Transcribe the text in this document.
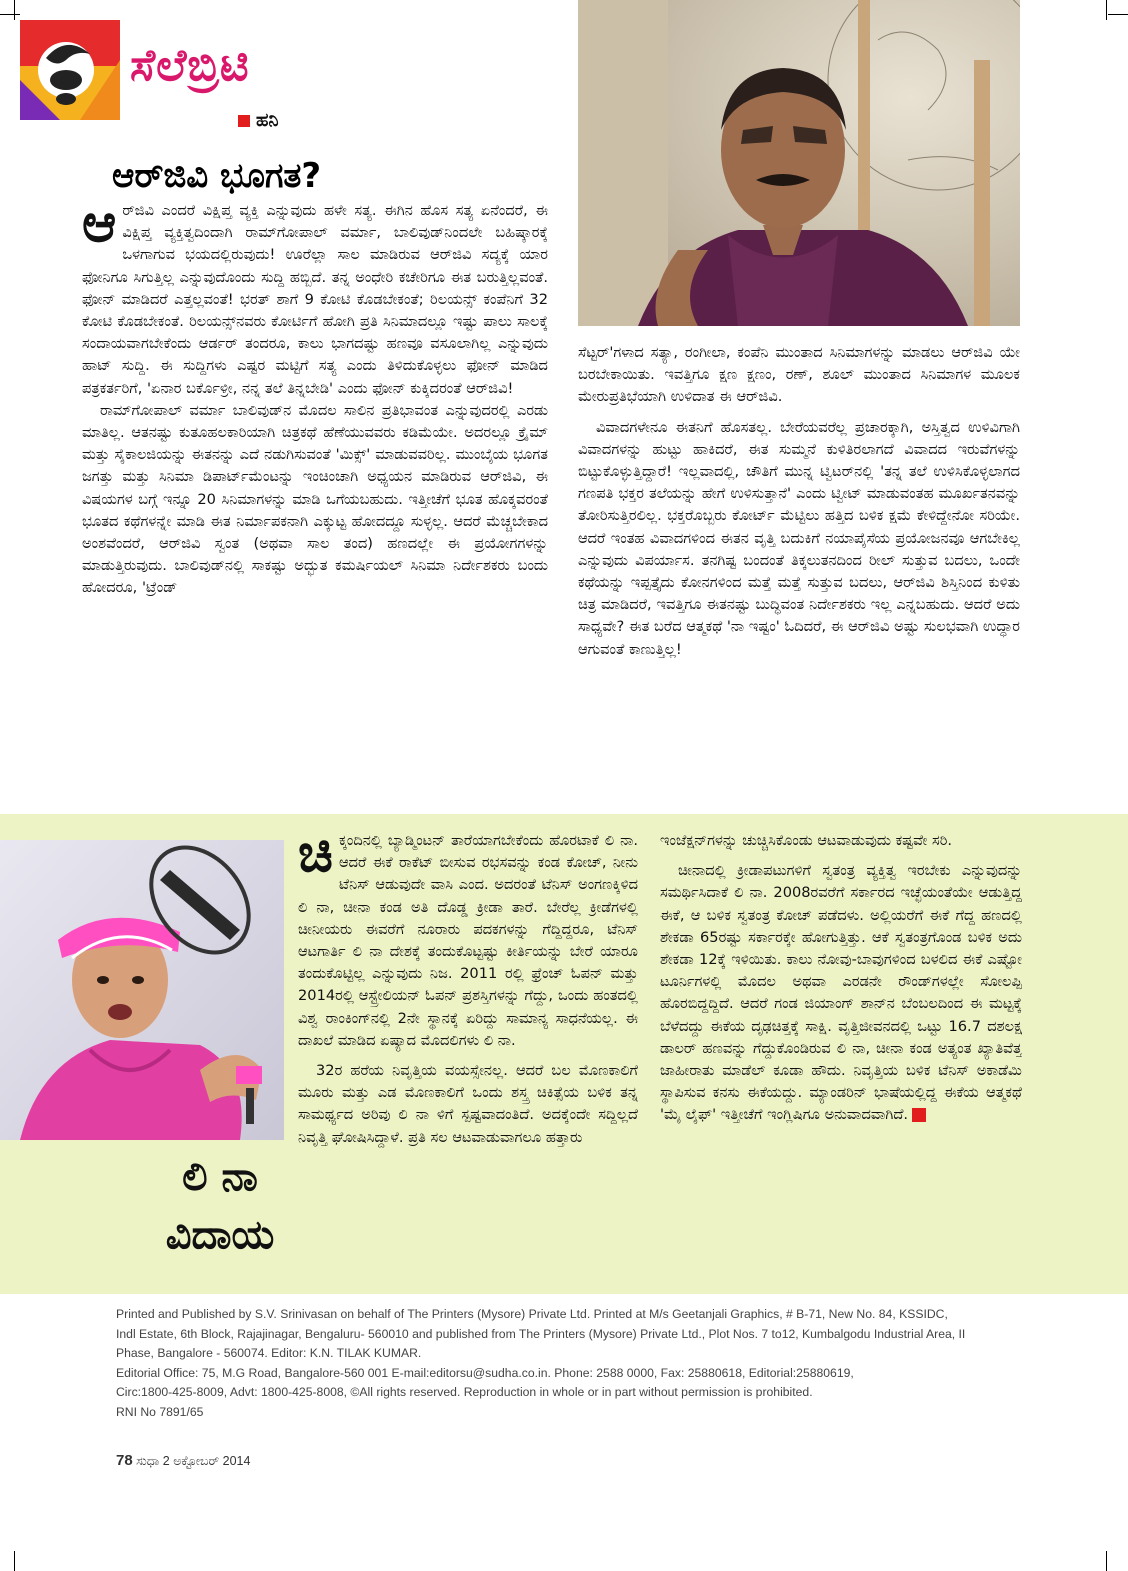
ಸೆಲೆಬ್ರಿಟಿ
ಹನಿ
ಆರ್‌ಜಿವಿ ಭೂಗತ?

ಆರ್‌ಜಿವಿ ಎಂದರೆ ವಿಕ್ಷಿಪ್ತ ವ್ಯಕ್ತಿ ಎನ್ನುವುದು ಹಳೇ ಸತ್ಯ. ಈಗಿನ ಹೊಸ ಸತ್ಯ ಏನೆಂದರೆ, ಈ ವಿಕ್ಷಿಪ್ತ ವ್ಯಕ್ತಿತ್ವದಿಂದಾಗಿ ರಾಮ್‌ಗೋಪಾಲ್ ವರ್ಮಾ, ಬಾಲಿವುಡ್‌ನಿಂದಲೇ ಬಹಿಷ್ಕಾರಕ್ಕೆ ಒಳಗಾಗುವ ಭಯದಲ್ಲಿರುವುದು! ಊರೆಲ್ಲಾ ಸಾಲ ಮಾಡಿರುವ ಆರ್‌ಜಿವಿ ಸದ್ಯಕ್ಕೆ ಯಾರ ಫೋನಿಗೂ ಸಿಗುತ್ತಿಲ್ಲ ಎನ್ನುವುದೊಂದು ಸುದ್ದಿ ಹಬ್ಬಿದೆ. ತನ್ನ ಅಂಧೇರಿ ಕಚೇರಿಗೂ ಈತ ಬರುತ್ತಿಲ್ಲವಂತೆ. ಫೋನ್ ಮಾಡಿದರೆ ಎತ್ತಲ್ಲವಂತೆ! ಭರತ್ ಶಾಗೆ 9 ಕೋಟಿ ಕೊಡಬೇಕಂತೆ; ರಿಲಯನ್ಸ್ ಕಂಪೆನಿಗೆ 32 ಕೋಟಿ ಕೊಡಬೇಕಂತೆ. ರಿಲಯನ್ಸ್‌ನವರು ಕೋರ್ಟಿಗೆ ಹೋಗಿ ಪ್ರತಿ ಸಿನಿಮಾದಲ್ಲೂ ಇಷ್ಟು ಪಾಲು ಸಾಲಕ್ಕೆ ಸಂದಾಯವಾಗಬೇಕೆಂದು ಆರ್ಡರ್ ತಂದರೂ, ಕಾಲು ಭಾಗದಷ್ಟು ಹಣವೂ ವಸೂಲಾಗಿಲ್ಲ ಎನ್ನುವುದು ಹಾಟ್ ಸುದ್ದಿ. ಈ ಸುದ್ದಿಗಳು ಎಷ್ಟರ ಮಟ್ಟಿಗೆ ಸತ್ಯ ಎಂದು ತಿಳಿದುಕೊಳ್ಳಲು ಫೋನ್ ಮಾಡಿದ ಪತ್ರಕರ್ತರಿಗೆ, 'ಏನಾರ ಬರ್ಕೊಳ್ರೀ, ನನ್ನ ತಲೆ ತಿನ್ನಬೇಡಿ' ಎಂದು ಫೋನ್ ಕುಕ್ಕಿದರಂತೆ ಆರ್‌ಜಿವಿ!

ರಾಮ್‌ಗೋಪಾಲ್ ವರ್ಮಾ ಬಾಲಿವುಡ್‌ನ ಮೊದಲ ಸಾಲಿನ ಪ್ರತಿಭಾವಂತ ಎನ್ನುವುದರಲ್ಲಿ ಎರಡು ಮಾತಿಲ್ಲ. ಆತನಷ್ಟು ಕುತೂಹಲಕಾರಿಯಾಗಿ ಚಿತ್ರಕಥೆ ಹೆಣೆಯುವವರು ಕಡಿಮೆಯೇ. ಅದರಲ್ಲೂ ಕ್ರೈಮ್ ಮತ್ತು ಸೈಕಾಲಜಿಯನ್ನು ಈತನನ್ನು ಎದೆ ನಡುಗಿಸುವಂತೆ 'ಮಿಕ್ಸ್' ಮಾಡುವವರಿಲ್ಲ. ಮುಂಬೈಯ ಭೂಗತ ಜಗತ್ತು ಮತ್ತು ಸಿನಿಮಾ ಡಿಪಾರ್ಟ್‌ಮೆಂಟನ್ನು ಇಂಚಿಂಚಾಗಿ ಅಧ್ಯಯನ ಮಾಡಿರುವ ಆರ್‌ಜಿವಿ, ಈ ವಿಷಯಗಳ ಬಗ್ಗೆ ಇನ್ನೂ 20 ಸಿನಿಮಾಗಳನ್ನು ಮಾಡಿ ಒಗೆಯಬಹುದು. ಇತ್ತೀಚೆಗೆ ಭೂತ ಹೊಕ್ಕವರಂತೆ ಭೂತದ ಕಥೆಗಳನ್ನೇ ಮಾಡಿ ಈತ ನಿರ್ಮಾಪಕನಾಗಿ ಎಕ್ಕುಟ್ಟ ಹೋದದ್ದೂ ಸುಳ್ಳಲ್ಲ. ಆದರೆ ಮೆಚ್ಚಬೇಕಾದ ಅಂಶವೆಂದರೆ, ಆರ್‌ಜಿವಿ ಸ್ವಂತ (ಅಥವಾ ಸಾಲ ತಂದ) ಹಣದಲ್ಲೇ ಈ ಪ್ರಯೋಗಗಳನ್ನು ಮಾಡುತ್ತಿರುವುದು. ಬಾಲಿವುಡ್‌ನಲ್ಲಿ ಸಾಕಷ್ಟು ಅದ್ಭುತ ಕಮರ್ಷಿಯಲ್ ಸಿನಿಮಾ ನಿರ್ದೇಶಕರು ಬಂದು ಹೋದರೂ, 'ಟ್ರೆಂಡ್

ಸೆಟ್ಟರ್'ಗಳಾದ ಸತ್ಯಾ, ರಂಗೀಲಾ, ಕಂಪೆನಿ ಮುಂತಾದ ಸಿನಿಮಾಗಳನ್ನು ಮಾಡಲು ಆರ್‌ಜಿವಿ ಯೇ ಬರಬೇಕಾಯಿತು. ಇವತ್ತಿಗೂ ಕ್ಷಣ ಕ್ಷಣಂ, ರಣ್, ಶೂಲ್ ಮುಂತಾದ ಸಿನಿಮಾಗಳ ಮೂಲಕ ಮೇರುಪ್ರತಿಭೆಯಾಗಿ ಉಳಿದಾತ ಈ ಆರ್‌ಜಿವಿ.

ವಿವಾದಗಳೇನೂ ಈತನಿಗೆ ಹೊಸತಲ್ಲ. ಬೇರೆಯವರೆಲ್ಲ ಪ್ರಚಾರಕ್ಕಾಗಿ, ಅಸ್ತಿತ್ವದ ಉಳಿವಿಗಾಗಿ ವಿವಾದಗಳನ್ನು ಹುಟ್ಟು ಹಾಕಿದರೆ, ಈತ ಸುಮ್ಮನೆ ಕುಳಿತಿರಲಾಗದೆ ವಿವಾದದ ಇರುವೆಗಳನ್ನು ಬಿಟ್ಟುಕೊಳ್ಳುತ್ತಿದ್ದಾರೆ! ಇಲ್ಲವಾದಲ್ಲಿ, ಚೌತಿಗೆ ಮುನ್ನ ಟ್ವಿಟರ್‌ನಲ್ಲಿ 'ತನ್ನ ತಲೆ ಉಳಿಸಿಕೊಳ್ಳಲಾಗದ ಗಣಪತಿ ಭಕ್ತರ ತಲೆಯನ್ನು ಹೇಗೆ ಉಳಿಸುತ್ತಾನೆ' ಎಂದು ಟ್ವೀಟ್ ಮಾಡುವಂತಹ ಮೂರ್ಖತನವನ್ನು ತೋರಿಸುತ್ತಿರಲಿಲ್ಲ. ಭಕ್ತರೊಬ್ಬರು ಕೋರ್ಟ್ ಮೆಟ್ಟಿಲು ಹತ್ತಿದ ಬಳಿಕ ಕ್ಷಮೆ ಕೇಳಿದ್ದೇನೋ ಸರಿಯೇ. ಆದರೆ ಇಂತಹ ವಿವಾದಗಳಿಂದ ಈತನ ವೃತ್ತಿ ಬದುಕಿಗೆ ನಯಾಪೈಸೆಯ ಪ್ರಯೋಜನವೂ ಆಗಬೇಕಿಲ್ಲ ಎನ್ನುವುದು ವಿಪರ್ಯಾಸ. ತನಗಿಷ್ಟ ಬಂದಂತೆ ತಿಕ್ಕಲುತನದಿಂದ ರೀಲ್ ಸುತ್ತುವ ಬದಲು, ಒಂದೇ ಕಥೆಯನ್ನು ಇಪ್ಪತ್ತೈದು ಕೋನಗಳಿಂದ ಮತ್ತೆ ಮತ್ತೆ ಸುತ್ತುವ ಬದಲು, ಆರ್‌ಜಿವಿ ಶಿಸ್ತಿನಿಂದ ಕುಳಿತು ಚಿತ್ರ ಮಾಡಿದರೆ, ಇವತ್ತಿಗೂ ಈತನಷ್ಟು ಬುದ್ಧಿವಂತ ನಿರ್ದೇಶಕರು ಇಲ್ಲ ಎನ್ನಬಹುದು. ಆದರೆ ಅದು ಸಾಧ್ಯವೇ? ಈತ ಬರೆದ ಆತ್ಮಕಥೆ 'ನಾ ಇಷ್ಟಂ' ಓದಿದರೆ, ಈ ಆರ್‌ಜಿವಿ ಅಷ್ಟು ಸುಲಭವಾಗಿ ಉದ್ಧಾರ ಆಗುವಂತೆ ಕಾಣುತ್ತಿಲ್ಲ!

ಲಿ ನಾ
ವಿದಾಯ

ಚಿಕ್ಕಂದಿನಲ್ಲಿ ಬ್ಯಾಡ್ಮಿಂಟನ್ ತಾರೆಯಾಗಬೇಕೆಂದು ಹೊರಟಾಕೆ ಲಿ ನಾ. ಆದರೆ ಈಕೆ ರಾಕೆಟ್ ಬೀಸುವ ರಭಸವನ್ನು ಕಂಡ ಕೋಚ್, ನೀನು ಟೆನಿಸ್ ಆಡುವುದೇ ವಾಸಿ ಎಂದ. ಅದರಂತೆ ಟೆನಿಸ್ ಅಂಗಣಕ್ಕಿಳಿದ ಲಿ ನಾ, ಚೀನಾ ಕಂಡ ಅತಿ ದೊಡ್ಡ ಕ್ರೀಡಾ ತಾರೆ. ಬೇರೆಲ್ಲ ಕ್ರೀಡೆಗಳಲ್ಲಿ ಚೀನೀಯರು ಈವರೆಗೆ ನೂರಾರು ಪದಕಗಳನ್ನು ಗೆದ್ದಿದ್ದರೂ, ಟೆನಿಸ್ ಆಟಗಾರ್ತಿ ಲಿ ನಾ ದೇಶಕ್ಕೆ ತಂದುಕೊಟ್ಟಷ್ಟು ಕೀರ್ತಿಯನ್ನು ಬೇರೆ ಯಾರೂ ತಂದುಕೊಟ್ಟಿಲ್ಲ ಎನ್ನುವುದು ನಿಜ. 2011 ರಲ್ಲಿ ಫ್ರೆಂಚ್ ಓಪನ್ ಮತ್ತು 2014ರಲ್ಲಿ ಆಸ್ಟ್ರೇಲಿಯನ್ ಓಪನ್ ಪ್ರಶಸ್ತಿಗಳನ್ನು ಗೆದ್ದು, ಒಂದು ಹಂತದಲ್ಲಿ ವಿಶ್ವ ರಾಂಕಿಂಗ್‌ನಲ್ಲಿ 2ನೇ ಸ್ಥಾನಕ್ಕೆ ಏರಿದ್ದು ಸಾಮಾನ್ಯ ಸಾಧನೆಯಲ್ಲ. ಈ ದಾಖಲೆ ಮಾಡಿದ ಏಷ್ಯಾದ ಮೊದಲಿಗಳು ಲಿ ನಾ.

32ರ ಹರೆಯ ನಿವೃತ್ತಿಯ ವಯಸ್ಸೇನಲ್ಲ. ಆದರೆ ಬಲ ಮೊಣಕಾಲಿಗೆ ಮೂರು ಮತ್ತು ಎಡ ಮೊಣಕಾಲಿಗೆ ಒಂದು ಶಸ್ತ್ರ ಚಿಕಿತ್ಸೆಯ ಬಳಿಕ ತನ್ನ ಸಾಮರ್ಥ್ಯದ ಅರಿವು ಲಿ ನಾ ಳಿಗೆ ಸ್ಪಷ್ಟವಾದಂತಿದೆ. ಅದಕ್ಕೆಂದೇ ಸದ್ದಿಲ್ಲದೆ ನಿವೃತ್ತಿ ಘೋಷಿಸಿದ್ದಾಳೆ. ಪ್ರತಿ ಸಲ ಆಟವಾಡುವಾಗಲೂ ಹತ್ತಾರು

ಇಂಜೆಕ್ಷನ್‌ಗಳನ್ನು ಚುಚ್ಚಿಸಿಕೊಂಡು ಆಟವಾಡುವುದು ಕಷ್ಟವೇ ಸರಿ.

ಚೀನಾದಲ್ಲಿ ಕ್ರೀಡಾಪಟುಗಳಿಗೆ ಸ್ವತಂತ್ರ ವ್ಯಕ್ತಿತ್ವ ಇರಬೇಕು ಎನ್ನುವುದನ್ನು ಸಮರ್ಥಿಸಿದಾಕೆ ಲಿ ನಾ. 2008ರವರೆಗೆ ಸರ್ಕಾರದ ಇಚ್ಛೆಯಂತೆಯೇ ಆಡುತ್ತಿದ್ದ ಈಕೆ, ಆ ಬಳಿಕ ಸ್ವತಂತ್ರ ಕೋಚ್ ಪಡೆದಳು. ಅಲ್ಲಿಯರೆಗೆ ಈಕೆ ಗೆದ್ದ ಹಣದಲ್ಲಿ ಶೇಕಡಾ 65ರಷ್ಟು ಸರ್ಕಾರಕ್ಕೇ ಹೋಗುತ್ತಿತ್ತು. ಆಕೆ ಸ್ವತಂತ್ರಗೊಂಡ ಬಳಿಕ ಅದು ಶೇಕಡಾ 12ಕ್ಕೆ ಇಳಿಯಿತು. ಕಾಲು ನೋವು-ಬಾವುಗಳಿಂದ ಬಳಲಿದ ಈಕೆ ಎಷ್ಟೋ ಟೂರ್ನಿಗಳಲ್ಲಿ ಮೊದಲ ಅಥವಾ ಎರಡನೇ ರೌಂಡ್‌ಗಳಲ್ಲೇ ಸೋಲಪ್ಪಿ ಹೊರಬಿದ್ದದ್ದಿದೆ. ಆದರೆ ಗಂಡ ಜಿಯಾಂಗ್ ಶಾನ್‌ನ ಬೆಂಬಲದಿಂದ ಈ ಮಟ್ಟಕ್ಕೆ ಬೆಳೆದದ್ದು ಈಕೆಯ ದೃಢಚಿತ್ತಕ್ಕೆ ಸಾಕ್ಷಿ. ವೃತ್ತಿಜೀವನದಲ್ಲಿ ಒಟ್ಟು 16.7 ದಶಲಕ್ಷ ಡಾಲರ್ ಹಣವನ್ನು ಗೆದ್ದುಕೊಂಡಿರುವ ಲಿ ನಾ, ಚೀನಾ ಕಂಡ ಅತ್ಯಂತ ಖ್ಯಾತಿವೆತ್ತ ಜಾಹೀರಾತು ಮಾಡೆಲ್ ಕೂಡಾ ಹೌದು. ನಿವೃತ್ತಿಯ ಬಳಿಕ ಟೆನಿಸ್ ಅಕಾಡೆಮಿ ಸ್ಥಾಪಿಸುವ ಕನಸು ಈಕೆಯದ್ದು. ಮ್ಯಾಂಡರಿನ್ ಭಾಷೆಯಲ್ಲಿದ್ದ ಈಕೆಯ ಆತ್ಮಕಥೆ 'ಮೈ ಲೈಫ್' ಇತ್ತೀಚೆಗೆ ಇಂಗ್ಲಿಷಿಗೂ ಅನುವಾದವಾಗಿದೆ.

Printed and Published by S.V. Srinivasan on behalf of The Printers (Mysore) Private Ltd. Printed at M/s Geetanjali Graphics, # B-71, New No. 84, KSSIDC,
Indl Estate, 6th Block, Rajajinagar, Bengaluru- 560010 and published from The Printers (Mysore) Private Ltd., Plot Nos. 7 to12, Kumbalgodu Industrial Area, II
Phase, Bangalore - 560074. Editor: K.N. TILAK KUMAR.
Editorial Office: 75, M.G Road, Bangalore-560 001 E-mail:editorsu@sudha.co.in. Phone: 2588 0000, Fax: 25880618, Editorial:25880619,
Circ:1800-425-8009, Advt: 1800-425-8008, ©All rights reserved. Reproduction in whole or in part without permission is prohibited.
RNI No 7891/65
78 ಸುಧಾ 2 ಅಕ್ಟೋಬರ್ 2014
